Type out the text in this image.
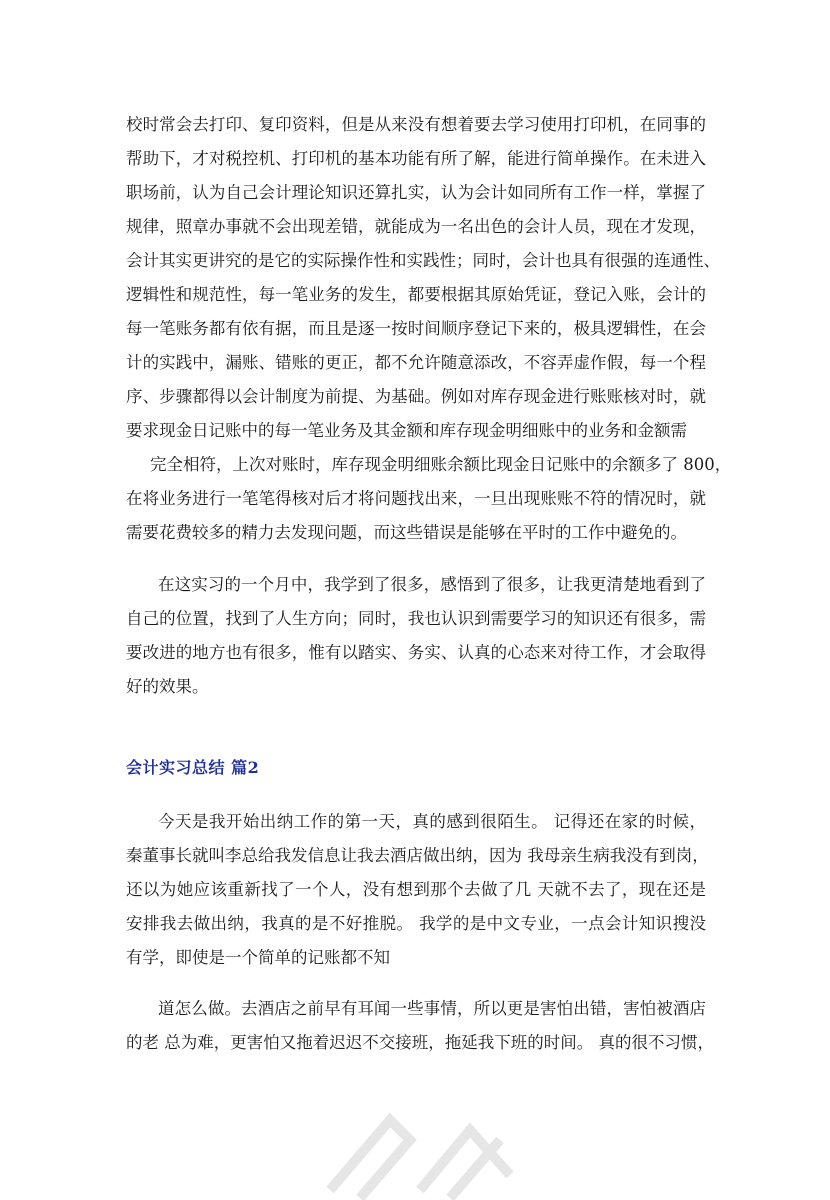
校时常会去打印、复印资料，但是从来没有想着要去学习使用打印机，在同事的
帮助下，才对税控机、打印机的基本功能有所了解，能进行简单操作。在未进入
职场前，认为自己会计理论知识还算扎实，认为会计如同所有工作一样，掌握了
规律，照章办事就不会出现差错，就能成为一名出色的会计人员，现在才发现，
会计其实更讲究的是它的实际操作性和实践性；同时，会计也具有很强的连通性、
逻辑性和规范性，每一笔业务的发生，都要根据其原始凭证，登记入账，会计的
每一笔账务都有依有据，而且是逐一按时间顺序登记下来的，极具逻辑性，在会
计的实践中，漏账、错账的更正，都不允许随意添改，不容弄虚作假，每一个程
序、步骤都得以会计制度为前提、为基础。例如对库存现金进行账账核对时，就
要求现金日记账中的每一笔业务及其金额和库存现金明细账中的业务和金额需
完全相符，上次对账时，库存现金明细账余额比现金日记账中的余额多了 800，
在将业务进行一笔笔得核对后才将问题找出来，一旦出现账账不符的情况时，就
需要花费较多的精力去发现问题，而这些错误是能够在平时的工作中避免的。
在这实习的一个月中，我学到了很多，感悟到了很多，让我更清楚地看到了
自己的位置，找到了人生方向；同时，我也认识到需要学习的知识还有很多，需
要改进的地方也有很多，惟有以踏实、务实、认真的心态来对待工作，才会取得
好的效果。
会计实习总结 篇2
今天是我开始出纳工作的第一天，真的感到很陌生。 记得还在家的时候，
秦董事长就叫李总给我发信息让我去酒店做出纳，因为 我母亲生病我没有到岗，
还以为她应该重新找了一个人，没有想到那个去做了几 天就不去了，现在还是
安排我去做出纳，我真的是不好推脱。 我学的是中文专业，一点会计知识搜没
有学，即使是一个简单的记账都不知
道怎么做。去酒店之前早有耳闻一些事情，所以更是害怕出错，害怕被酒店
的老 总为难，更害怕又拖着迟迟不交接班，拖延我下班的时间。 真的很不习惯，
